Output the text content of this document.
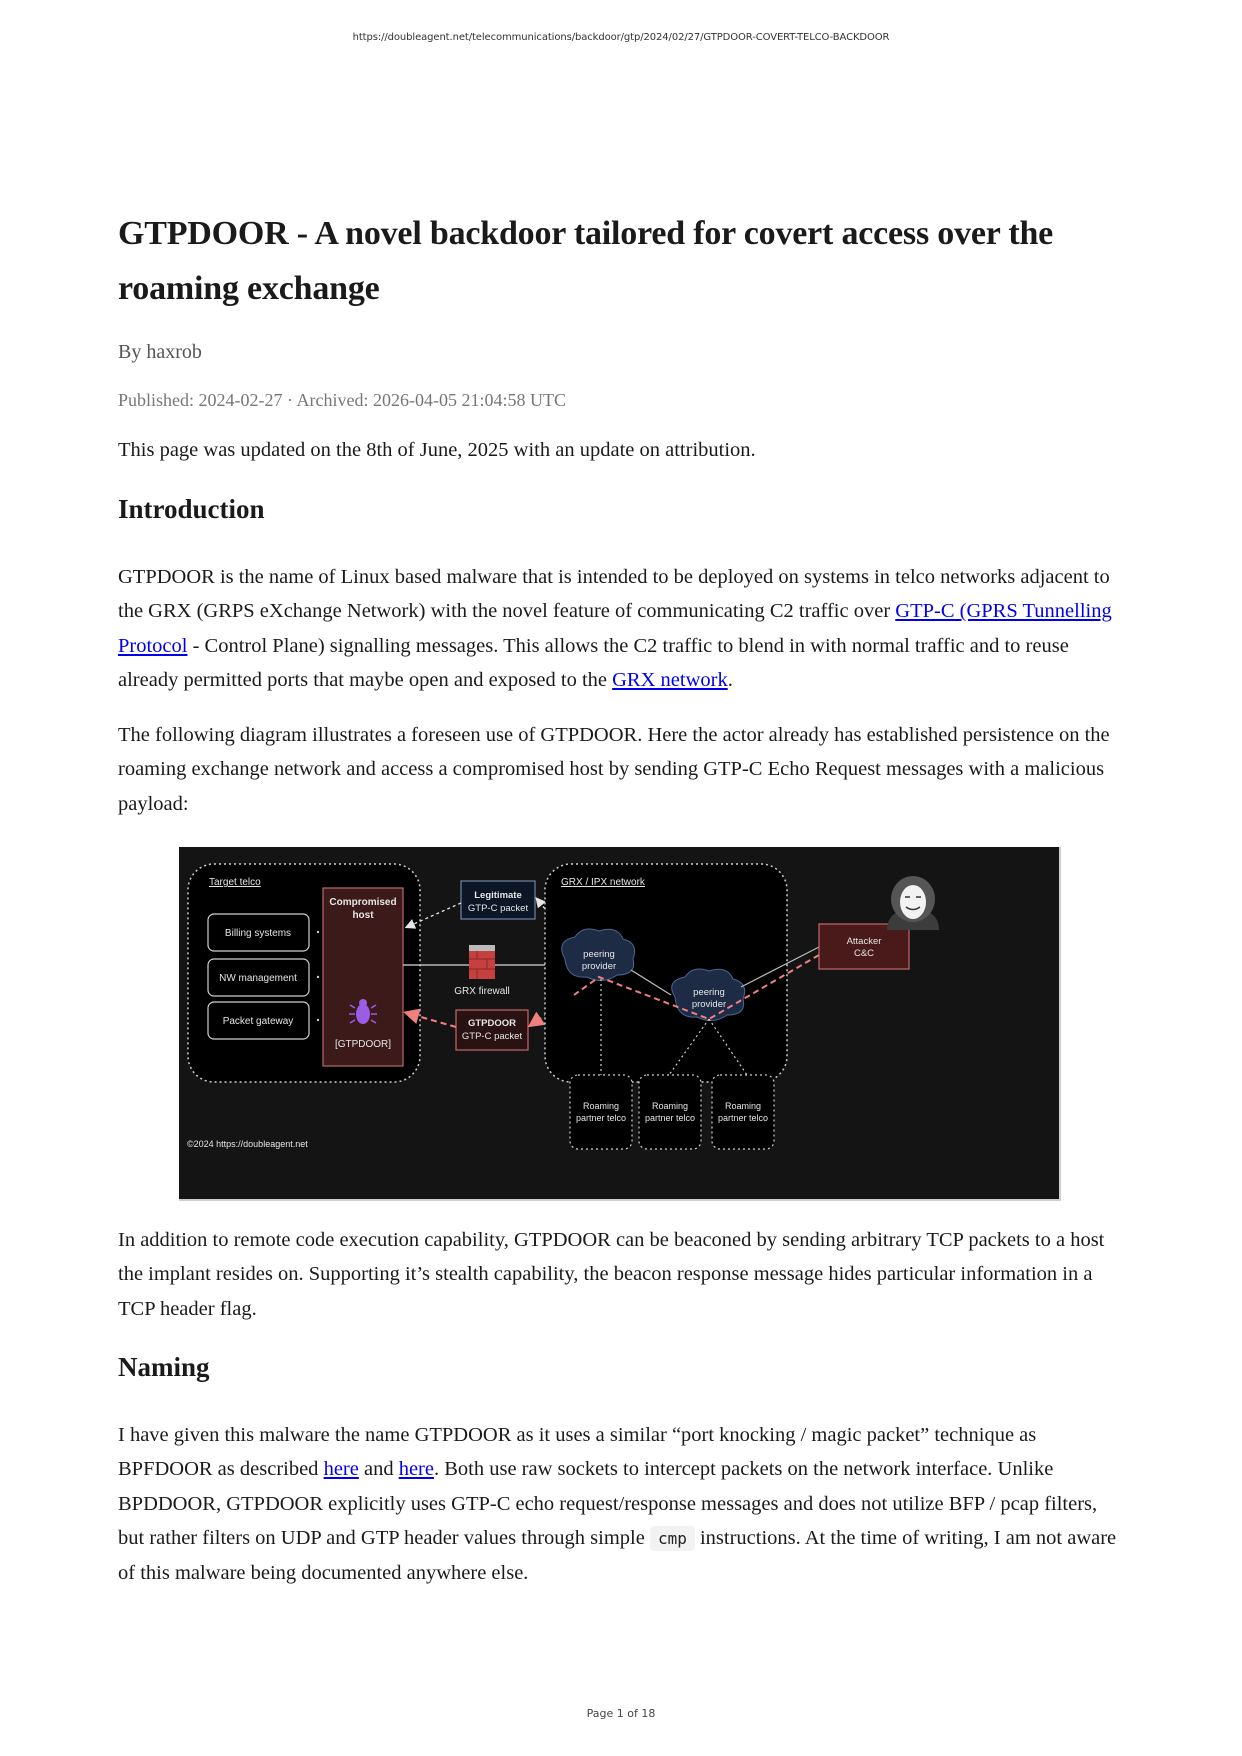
https://doubleagent.net/telecommunications/backdoor/gtp/2024/02/27/GTPDOOR-COVERT-TELCO-BACKDOOR
GTPDOOR - A novel backdoor tailored for covert access over the roaming exchange

By haxrob

Published: 2024-02-27 · Archived: 2026-04-05 21:04:58 UTC

This page was updated on the 8th of June, 2025 with an update on attribution.

Introduction

GTPDOOR is the name of Linux based malware that is intended to be deployed on systems in telco networks adjacent to the GRX (GRPS eXchange Network) with the novel feature of communicating C2 traffic over GTP-C (GPRS Tunnelling Protocol - Control Plane) signalling messages. This allows the C2 traffic to blend in with normal traffic and to reuse already permitted ports that maybe open and exposed to the GRX network.

The following diagram illustrates a foreseen use of GTPDOOR. Here the actor already has established persistence on the roaming exchange network and access a compromised host by sending GTP-C Echo Request messages with a malicious payload:

In addition to remote code execution capability, GTPDOOR can be beaconed by sending arbitrary TCP packets to a host the implant resides on. Supporting it’s stealth capability, the beacon response message hides particular information in a TCP header flag.

Naming

I have given this malware the name GTPDOOR as it uses a similar “port knocking / magic packet” technique as BPFDOOR as described here and here. Both use raw sockets to intercept packets on the network interface. Unlike BPDDOOR, GTPDOOR explicitly uses GTP-C echo request/response messages and does not utilize BFP / pcap filters, but rather filters on UDP and GTP header values through simple cmp instructions. At the time of writing, I am not aware of this malware being documented anywhere else.

Target telco
Billing systems
NW management
Packet gateway
Compromised
host
[GTPDOOR]
Legitimate
GTP-C packet
GRX firewall
GTPDOOR
GTP-C packet
GRX / IPX network
peering
provider
peering
provider
Attacker
C&C
Roaming
partner telco
Roaming
partner telco
Roaming
partner telco
©2024 https://doubleagent.net
Page 1 of 18
